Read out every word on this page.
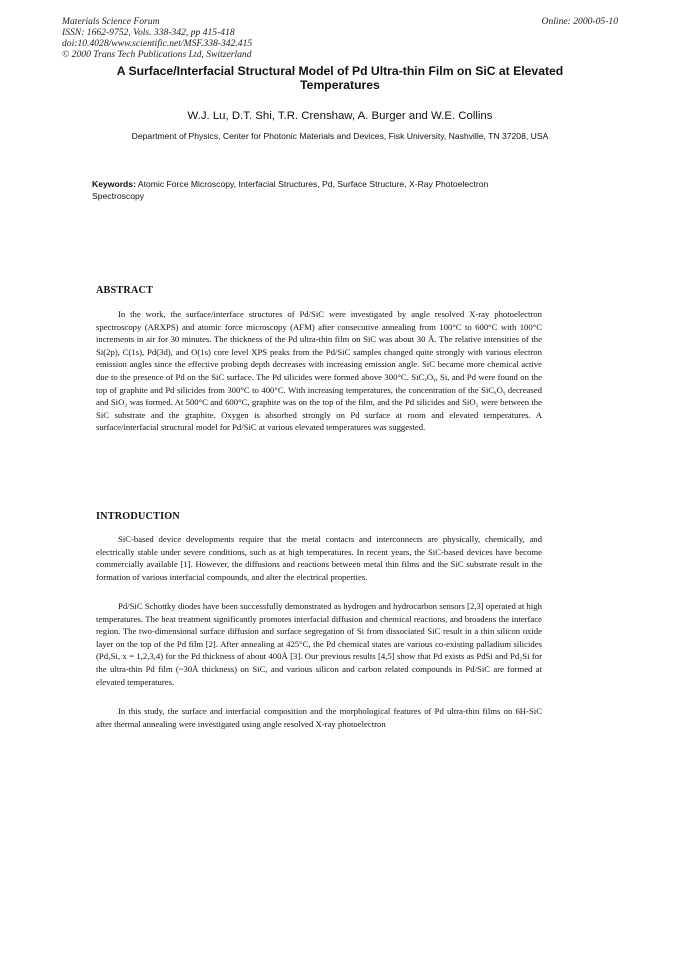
Materials Science Forum
ISSN: 1662-9752, Vols. 338-342, pp 415-418
doi:10.4028/www.scientific.net/MSF.338-342.415
© 2000 Trans Tech Publications Ltd, Switzerland
Online: 2000-05-10
A Surface/Interfacial Structural Model of Pd Ultra-thin Film on SiC at Elevated Temperatures
W.J. Lu, D.T. Shi, T.R. Crenshaw, A. Burger and W.E. Collins
Department of Physics, Center for Photonic Materials and Devices, Fisk University, Nashville, TN 37208, USA
Keywords: Atomic Force Microscopy, Interfacial Structures, Pd, Surface Structure, X-Ray Photoelectron Spectroscopy
ABSTRACT

In the work, the surface/interface structures of Pd/SiC were investigated by angle resolved X-ray photoelectron spectroscopy (ARXPS) and atomic force microscopy (AFM) after consecutive annealing from 100°C to 600°C with 100°C increments in air for 30 minutes. The thickness of the Pd ultra-thin film on SiC was about 30 Å. The relative intensities of the Si(2p), C(1s), Pd(3d), and O(1s) core level XPS peaks from the Pd/SiC samples changed quite strongly with various electron emission angles since the effective probing depth decreases with increasing emission angle. SiC became more chemical active due to the presence of Pd on the SiC surface. The Pd silicides were formed above 300°C. SiCₓOᵧ, Si, and Pd were found on the top of graphite and Pd silicides from 300°C to 400°C. With increasing temperatures, the concentration of the SiCₓOᵧ decreased and SiO₂ was formed. At 500°C and 600°C, graphite was on the top of the film, and the Pd silicides and SiO₂ were between the SiC substrate and the graphite. Oxygen is absorbed strongly on Pd surface at room and elevated temperatures. A surface/interfacial structural model for Pd/SiC at various elevated temperatures was suggested.

INTRODUCTION

SiC-based device developments require that the metal contacts and interconnects are physically, chemically, and electrically stable under severe conditions, such as at high temperatures. In recent years, the SiC-based devices have become commercially available [1]. However, the diffusions and reactions between metal thin films and the SiC substrate result in the formation of various interfacial compounds, and alter the electrical properties.

Pd/SiC Schottky diodes have been successfully demonstrated as hydrogen and hydrocarbon sensors [2,3] operated at high temperatures. The heat treatment significantly promotes interfacial diffusion and chemical reactions, and broadens the interface region. The two-dimensional surface diffusion and surface segregation of Si from dissociated SiC result in a thin silicon oxide layer on the top of the Pd film [2]. After annealing at 425°C, the Pd chemical states are various co-existing palladium silicides (PdₓSi, x = 1,2,3,4) for the Pd thickness of about 400Å [3]. Our previous results [4,5] show that Pd exists as PdSi and Pd₂Si for the ultra-thin Pd film (~30Å thickness) on SiC, and various silicon and carbon related compounds in Pd/SiC are formed at elevated temperatures.

In this study, the surface and interfacial composition and the morphological features of Pd ultra-thin films on 6H-SiC after thermal annealing were investigated using angle resolved X-ray photoelectron
